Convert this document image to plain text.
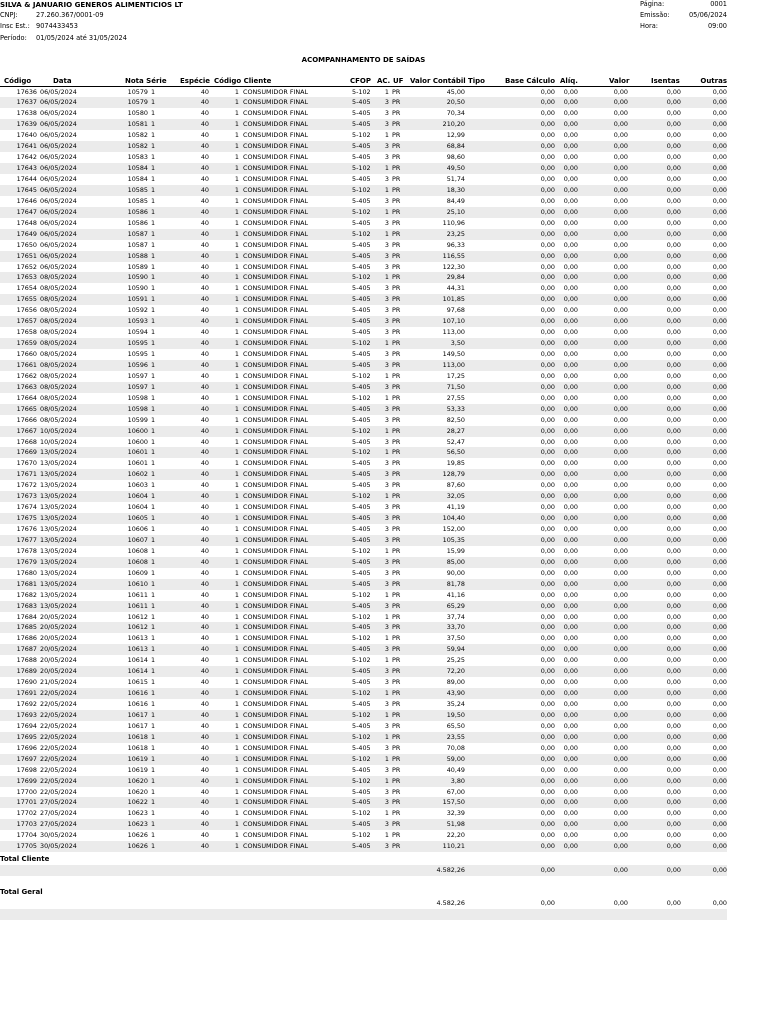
SILVA & JANUARIO GENEROS ALIMENTICIOS LT
CNPJ:	27.260.367/0001-09
Insc Est.: 9074433453
Período: 01/05/2024 até 31/05/2024
Página:	0001
Emissão:	05/06/2024
Hora:	09:00
ACOMPANHAMENTO DE SAÍDAS
Código	Data	Nota Série Espécie Código Cliente	CFOP AC. UF Valor Contábil Tipo	Base Cálculo Alíq.	Valor	Isentas	Outras
17636 06/05/2024	10579 1	40	1 CONSUMIDOR FINAL	5-102	1 PR	45,00	0,00	0,00	0,00	0,00	0,00
17637 06/05/2024	10579 1	40	1 CONSUMIDOR FINAL	5-405	3 PR	20,50	0,00	0,00	0,00	0,00	0,00
17638 06/05/2024	10580 1	40	1 CONSUMIDOR FINAL	5-405	3 PR	70,34	0,00	0,00	0,00	0,00	0,00
17639 06/05/2024	10581 1	40	1 CONSUMIDOR FINAL	5-405	3 PR	210,20	0,00	0,00	0,00	0,00	0,00
17640 06/05/2024	10582 1	40	1 CONSUMIDOR FINAL	5-102	1 PR	12,99	0,00	0,00	0,00	0,00	0,00
17641 06/05/2024	10582 1	40	1 CONSUMIDOR FINAL	5-405	3 PR	68,84	0,00	0,00	0,00	0,00	0,00
17642 06/05/2024	10583 1	40	1 CONSUMIDOR FINAL	5-405	3 PR	98,60	0,00	0,00	0,00	0,00	0,00
17643 06/05/2024	10584 1	40	1 CONSUMIDOR FINAL	5-102	1 PR	49,50	0,00	0,00	0,00	0,00	0,00
17644 06/05/2024	10584 1	40	1 CONSUMIDOR FINAL	5-405	3 PR	51,74	0,00	0,00	0,00	0,00	0,00
17645 06/05/2024	10585 1	40	1 CONSUMIDOR FINAL	5-102	1 PR	18,30	0,00	0,00	0,00	0,00	0,00
17646 06/05/2024	10585 1	40	1 CONSUMIDOR FINAL	5-405	3 PR	84,49	0,00	0,00	0,00	0,00	0,00
17647 06/05/2024	10586 1	40	1 CONSUMIDOR FINAL	5-102	1 PR	25,10	0,00	0,00	0,00	0,00	0,00
17648 06/05/2024	10586 1	40	1 CONSUMIDOR FINAL	5-405	3 PR	110,96	0,00	0,00	0,00	0,00	0,00
17649 06/05/2024	10587 1	40	1 CONSUMIDOR FINAL	5-102	1 PR	23,25	0,00	0,00	0,00	0,00	0,00
17650 06/05/2024	10587 1	40	1 CONSUMIDOR FINAL	5-405	3 PR	96,33	0,00	0,00	0,00	0,00	0,00
17651 06/05/2024	10588 1	40	1 CONSUMIDOR FINAL	5-405	3 PR	116,55	0,00	0,00	0,00	0,00	0,00
17652 06/05/2024	10589 1	40	1 CONSUMIDOR FINAL	5-405	3 PR	122,30	0,00	0,00	0,00	0,00	0,00
17653 08/05/2024	10590 1	40	1 CONSUMIDOR FINAL	5-102	1 PR	29,84	0,00	0,00	0,00	0,00	0,00
17654 08/05/2024	10590 1	40	1 CONSUMIDOR FINAL	5-405	3 PR	44,31	0,00	0,00	0,00	0,00	0,00
17655 08/05/2024	10591 1	40	1 CONSUMIDOR FINAL	5-405	3 PR	101,85	0,00	0,00	0,00	0,00	0,00
17656 08/05/2024	10592 1	40	1 CONSUMIDOR FINAL	5-405	3 PR	97,68	0,00	0,00	0,00	0,00	0,00
17657 08/05/2024	10593 1	40	1 CONSUMIDOR FINAL	5-405	3 PR	107,10	0,00	0,00	0,00	0,00	0,00
17658 08/05/2024	10594 1	40	1 CONSUMIDOR FINAL	5-405	3 PR	113,00	0,00	0,00	0,00	0,00	0,00
17659 08/05/2024	10595 1	40	1 CONSUMIDOR FINAL	5-102	1 PR	3,50	0,00	0,00	0,00	0,00	0,00
17660 08/05/2024	10595 1	40	1 CONSUMIDOR FINAL	5-405	3 PR	149,50	0,00	0,00	0,00	0,00	0,00
17661 08/05/2024	10596 1	40	1 CONSUMIDOR FINAL	5-405	3 PR	113,00	0,00	0,00	0,00	0,00	0,00
17662 08/05/2024	10597 1	40	1 CONSUMIDOR FINAL	5-102	1 PR	17,25	0,00	0,00	0,00	0,00	0,00
17663 08/05/2024	10597 1	40	1 CONSUMIDOR FINAL	5-405	3 PR	71,50	0,00	0,00	0,00	0,00	0,00
17664 08/05/2024	10598 1	40	1 CONSUMIDOR FINAL	5-102	1 PR	27,55	0,00	0,00	0,00	0,00	0,00
17665 08/05/2024	10598 1	40	1 CONSUMIDOR FINAL	5-405	3 PR	53,33	0,00	0,00	0,00	0,00	0,00
17666 08/05/2024	10599 1	40	1 CONSUMIDOR FINAL	5-405	3 PR	82,50	0,00	0,00	0,00	0,00	0,00
17667 10/05/2024	10600 1	40	1 CONSUMIDOR FINAL	5-102	1 PR	28,27	0,00	0,00	0,00	0,00	0,00
17668 10/05/2024	10600 1	40	1 CONSUMIDOR FINAL	5-405	3 PR	52,47	0,00	0,00	0,00	0,00	0,00
17669 13/05/2024	10601 1	40	1 CONSUMIDOR FINAL	5-102	1 PR	56,50	0,00	0,00	0,00	0,00	0,00
17670 13/05/2024	10601 1	40	1 CONSUMIDOR FINAL	5-405	3 PR	19,85	0,00	0,00	0,00	0,00	0,00
17671 13/05/2024	10602 1	40	1 CONSUMIDOR FINAL	5-405	3 PR	128,79	0,00	0,00	0,00	0,00	0,00
17672 13/05/2024	10603 1	40	1 CONSUMIDOR FINAL	5-405	3 PR	87,60	0,00	0,00	0,00	0,00	0,00
17673 13/05/2024	10604 1	40	1 CONSUMIDOR FINAL	5-102	1 PR	32,05	0,00	0,00	0,00	0,00	0,00
17674 13/05/2024	10604 1	40	1 CONSUMIDOR FINAL	5-405	3 PR	41,19	0,00	0,00	0,00	0,00	0,00
17675 13/05/2024	10605 1	40	1 CONSUMIDOR FINAL	5-405	3 PR	104,40	0,00	0,00	0,00	0,00	0,00
17676 13/05/2024	10606 1	40	1 CONSUMIDOR FINAL	5-405	3 PR	152,00	0,00	0,00	0,00	0,00	0,00
17677 13/05/2024	10607 1	40	1 CONSUMIDOR FINAL	5-405	3 PR	105,35	0,00	0,00	0,00	0,00	0,00
17678 13/05/2024	10608 1	40	1 CONSUMIDOR FINAL	5-102	1 PR	15,99	0,00	0,00	0,00	0,00	0,00
17679 13/05/2024	10608 1	40	1 CONSUMIDOR FINAL	5-405	3 PR	85,00	0,00	0,00	0,00	0,00	0,00
17680 13/05/2024	10609 1	40	1 CONSUMIDOR FINAL	5-405	3 PR	90,00	0,00	0,00	0,00	0,00	0,00
17681 13/05/2024	10610 1	40	1 CONSUMIDOR FINAL	5-405	3 PR	81,78	0,00	0,00	0,00	0,00	0,00
17682 13/05/2024	10611 1	40	1 CONSUMIDOR FINAL	5-102	1 PR	41,16	0,00	0,00	0,00	0,00	0,00
17683 13/05/2024	10611 1	40	1 CONSUMIDOR FINAL	5-405	3 PR	65,29	0,00	0,00	0,00	0,00	0,00
17684 20/05/2024	10612 1	40	1 CONSUMIDOR FINAL	5-102	1 PR	37,74	0,00	0,00	0,00	0,00	0,00
17685 20/05/2024	10612 1	40	1 CONSUMIDOR FINAL	5-405	3 PR	33,70	0,00	0,00	0,00	0,00	0,00
17686 20/05/2024	10613 1	40	1 CONSUMIDOR FINAL	5-102	1 PR	37,50	0,00	0,00	0,00	0,00	0,00
17687 20/05/2024	10613 1	40	1 CONSUMIDOR FINAL	5-405	3 PR	59,94	0,00	0,00	0,00	0,00	0,00
17688 20/05/2024	10614 1	40	1 CONSUMIDOR FINAL	5-102	1 PR	25,25	0,00	0,00	0,00	0,00	0,00
17689 20/05/2024	10614 1	40	1 CONSUMIDOR FINAL	5-405	3 PR	72,20	0,00	0,00	0,00	0,00	0,00
17690 21/05/2024	10615 1	40	1 CONSUMIDOR FINAL	5-405	3 PR	89,00	0,00	0,00	0,00	0,00	0,00
17691 22/05/2024	10616 1	40	1 CONSUMIDOR FINAL	5-102	1 PR	43,90	0,00	0,00	0,00	0,00	0,00
17692 22/05/2024	10616 1	40	1 CONSUMIDOR FINAL	5-405	3 PR	35,24	0,00	0,00	0,00	0,00	0,00
17693 22/05/2024	10617 1	40	1 CONSUMIDOR FINAL	5-102	1 PR	19,50	0,00	0,00	0,00	0,00	0,00
17694 22/05/2024	10617 1	40	1 CONSUMIDOR FINAL	5-405	3 PR	65,50	0,00	0,00	0,00	0,00	0,00
17695 22/05/2024	10618 1	40	1 CONSUMIDOR FINAL	5-102	1 PR	23,55	0,00	0,00	0,00	0,00	0,00
17696 22/05/2024	10618 1	40	1 CONSUMIDOR FINAL	5-405	3 PR	70,08	0,00	0,00	0,00	0,00	0,00
17697 22/05/2024	10619 1	40	1 CONSUMIDOR FINAL	5-102	1 PR	59,00	0,00	0,00	0,00	0,00	0,00
17698 22/05/2024	10619 1	40	1 CONSUMIDOR FINAL	5-405	3 PR	40,49	0,00	0,00	0,00	0,00	0,00
17699 22/05/2024	10620 1	40	1 CONSUMIDOR FINAL	5-102	1 PR	3,80	0,00	0,00	0,00	0,00	0,00
17700 22/05/2024	10620 1	40	1 CONSUMIDOR FINAL	5-405	3 PR	67,00	0,00	0,00	0,00	0,00	0,00
17701 27/05/2024	10622 1	40	1 CONSUMIDOR FINAL	5-405	3 PR	157,50	0,00	0,00	0,00	0,00	0,00
17702 27/05/2024	10623 1	40	1 CONSUMIDOR FINAL	5-102	1 PR	32,39	0,00	0,00	0,00	0,00	0,00
17703 27/05/2024	10623 1	40	1 CONSUMIDOR FINAL	5-405	3 PR	51,98	0,00	0,00	0,00	0,00	0,00
17704 30/05/2024	10626 1	40	1 CONSUMIDOR FINAL	5-102	1 PR	22,20	0,00	0,00	0,00	0,00	0,00
17705 30/05/2024	10626 1	40	1 CONSUMIDOR FINAL	5-405	3 PR	110,21	0,00	0,00	0,00	0,00	0,00
Total Cliente
4.582,26	0,00	0,00	0,00	0,00
Total Geral
4.582,26	0,00	0,00	0,00	0,00
